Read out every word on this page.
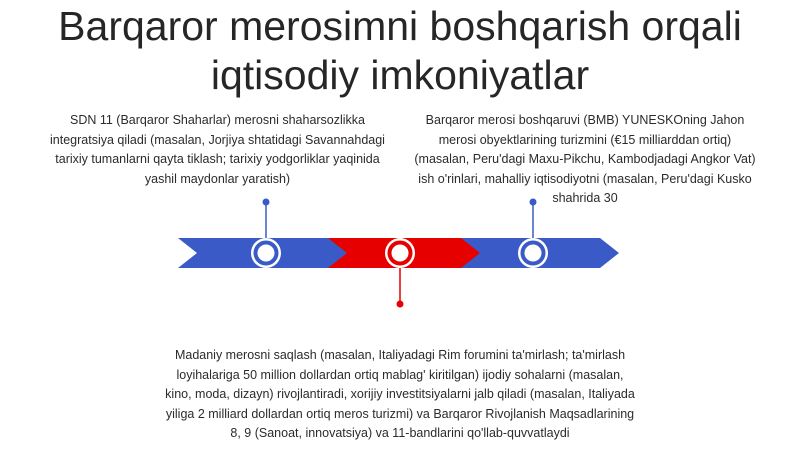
Barqaror merosimni boshqarish orqali
iqtisodiy imkoniyatlar
SDN 11 (Barqaror Shaharlar) merosni shaharsozlikka integratsiya qiladi (masalan, Jorjiya shtatidagi Savannahdagi tarixiy tumanlarni qayta tiklash; tarixiy yodgorliklar yaqinida yashil maydonlar yaratish)
Barqaror merosi boshqaruvi (BMB) YUNESKOning Jahon merosi obyektlarining turizmini (€15 milliarddan ortiq) (masalan, Peru'dagi Maxu-Pikchu, Kambodjadagi Angkor Vat) ish o'rinlari, mahalliy iqtisodiyotni (masalan, Peru'dagi Kusko shahrida 30
Madaniy merosni saqlash (masalan, Italiyadagi Rim forumini ta'mirlash; ta'mirlash loyihalariga 50 million dollardan ortiq mablag' kiritilgan) ijodiy sohalarni (masalan, kino, moda, dizayn) rivojlantiradi, xorijiy investitsiyalarni jalb qiladi (masalan, Italiyada yiliga 2 milliard dollardan ortiq meros turizmi) va Barqaror Rivojlanish Maqsadlarining 8, 9 (Sanoat, innovatsiya) va 11-bandlarini qo'llab-quvvatlaydi
